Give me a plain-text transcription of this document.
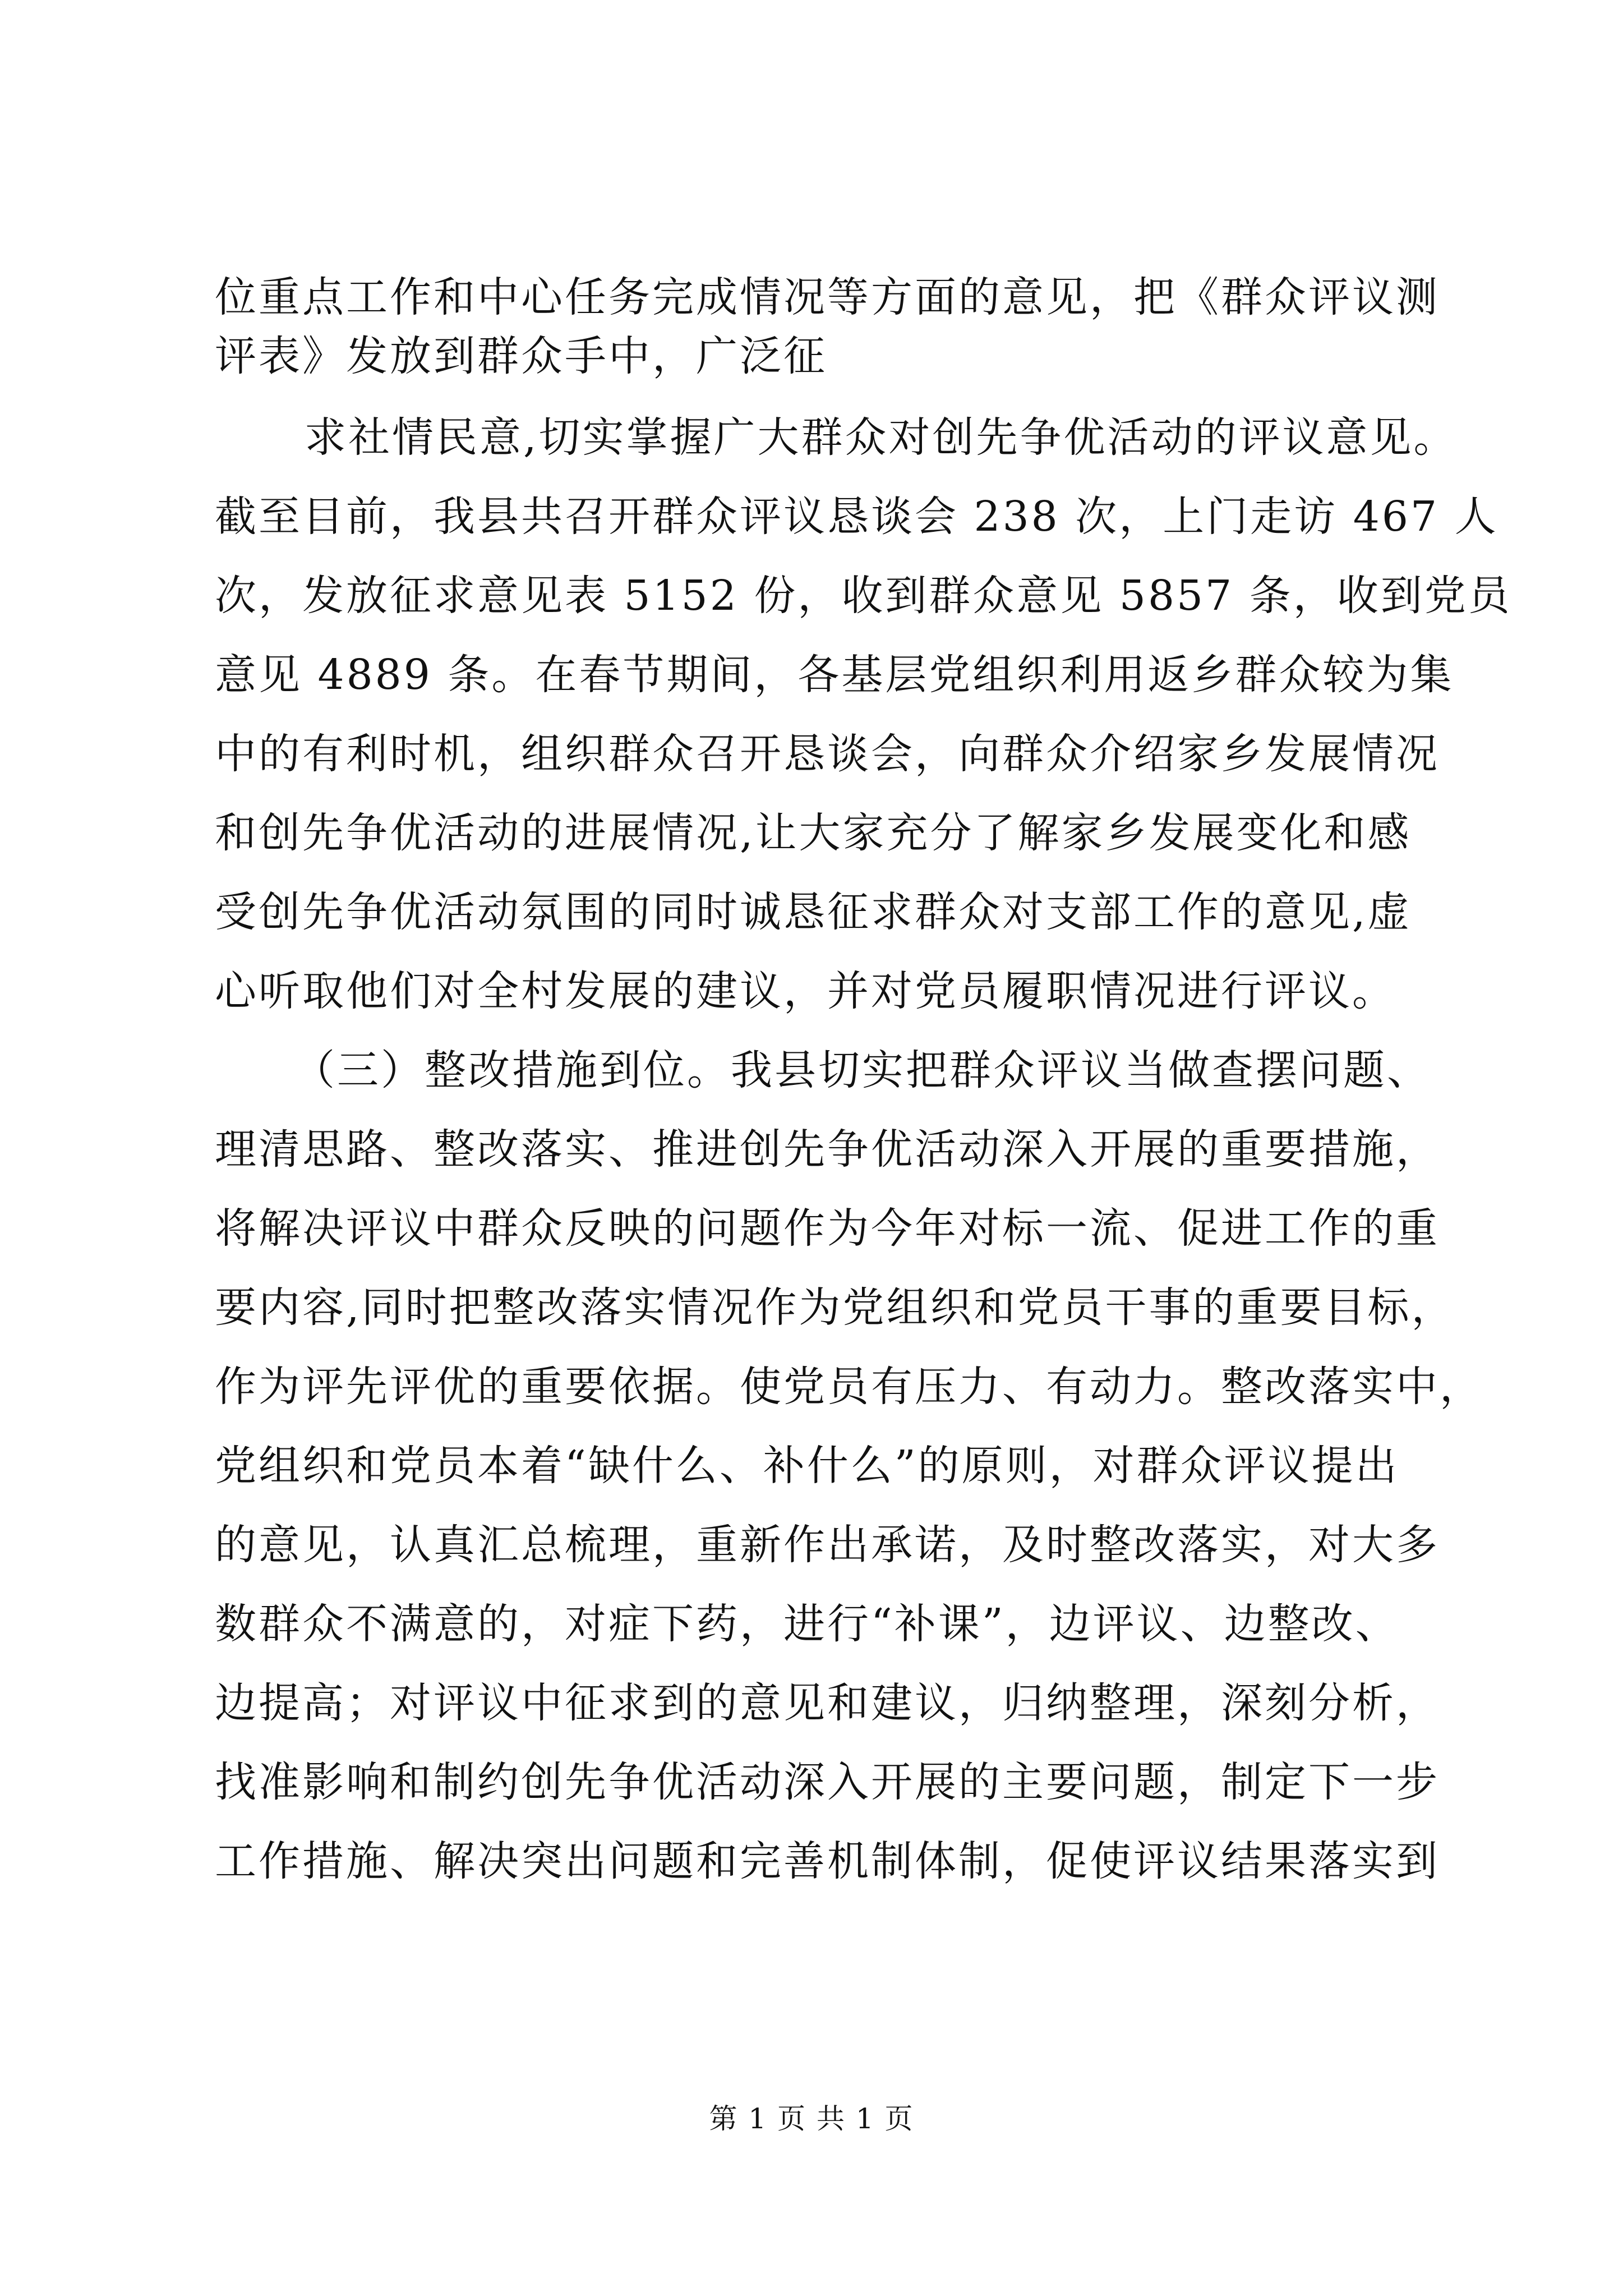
位重点工作和中心任务完成情况等方面的意见，把《群众评议测
评表》发放到群众手中，广泛征
求社情民意,切实掌握广大群众对创先争优活动的评议意见。
截至目前，我县共召开群众评议恳谈会 238 次，上门走访 467 人
次，发放征求意见表 5152 份，收到群众意见 5857 条，收到党员
意见 4889 条。在春节期间，各基层党组织利用返乡群众较为集
中的有利时机，组织群众召开恳谈会，向群众介绍家乡发展情况
和创先争优活动的进展情况,让大家充分了解家乡发展变化和感
受创先争优活动氛围的同时诚恳征求群众对支部工作的意见,虚
心听取他们对全村发展的建议，并对党员履职情况进行评议。
（三）整改措施到位。我县切实把群众评议当做查摆问题、
理清思路、整改落实、推进创先争优活动深入开展的重要措施，
将解决评议中群众反映的问题作为今年对标一流、促进工作的重
要内容,同时把整改落实情况作为党组织和党员干事的重要目标，
作为评先评优的重要依据。使党员有压力、有动力。整改落实中，
党组织和党员本着“缺什么、补什么”的原则，对群众评议提出
的意见，认真汇总梳理，重新作出承诺，及时整改落实，对大多
数群众不满意的，对症下药，进行“补课”，边评议、边整改、
边提高；对评议中征求到的意见和建议，归纳整理，深刻分析，
找准影响和制约创先争优活动深入开展的主要问题，制定下一步
工作措施、解决突出问题和完善机制体制，促使评议结果落实到
第 1 页 共 1 页
